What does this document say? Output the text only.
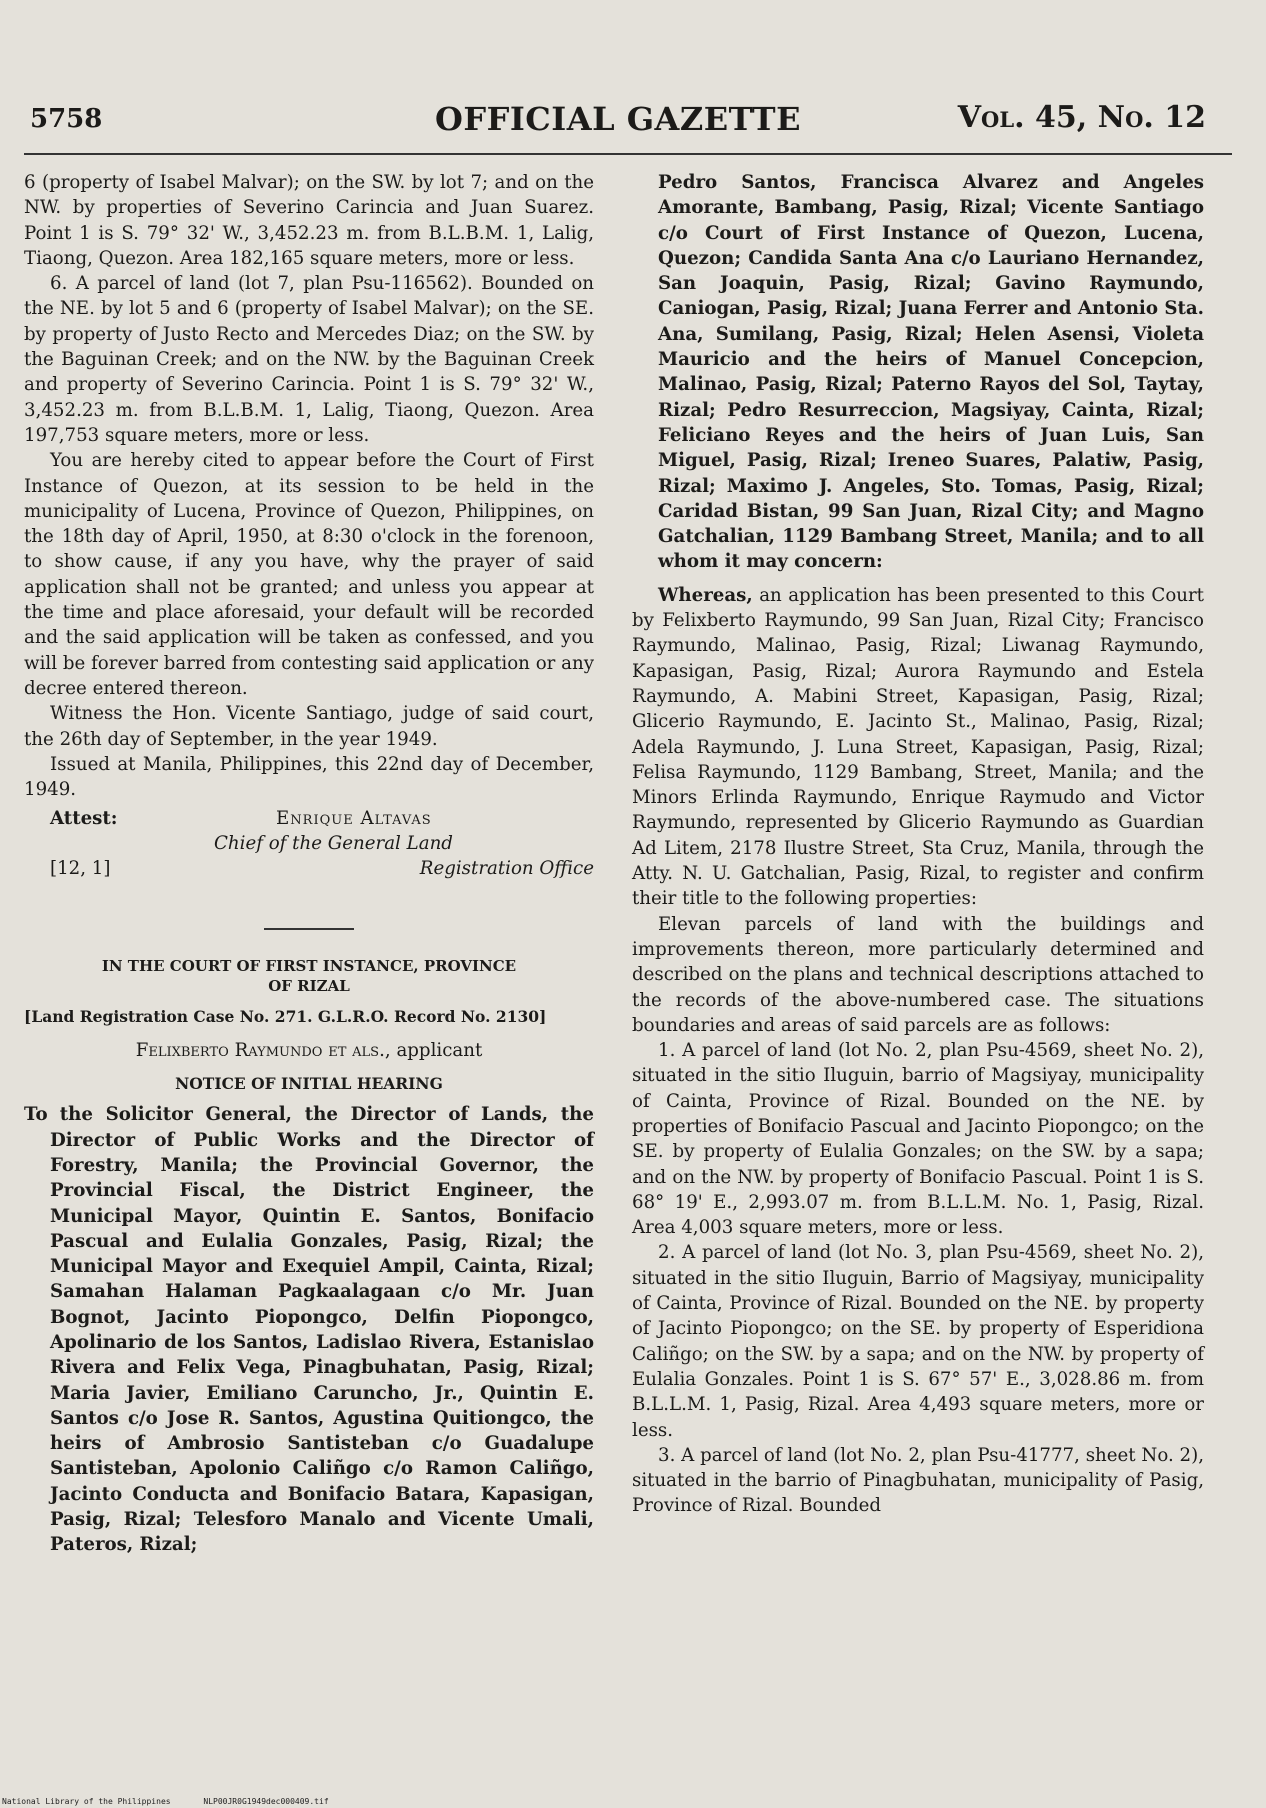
5758	OFFICIAL GAZETTE	Vol. 45, No. 12

6 (property of Isabel Malvar); on the SW. by lot 7; and on the NW. by properties of Severino Carincia and Juan Suarez. Point 1 is S. 79° 32' W., 3,452.23 m. from B.L.B.M. 1, Lalig, Tiaong, Quezon. Area 182,165 square meters, more or less.

6. A parcel of land (lot 7, plan Psu-116562). Bounded on the NE. by lot 5 and 6 (property of Isabel Malvar); on the SE. by property of Justo Recto and Mercedes Diaz; on the SW. by the Baguinan Creek; and on the NW. by the Baguinan Creek and property of Severino Carincia. Point 1 is S. 79° 32' W., 3,452.23 m. from B.L.B.M. 1, Lalig, Tiaong, Quezon. Area 197,753 square meters, more or less.

You are hereby cited to appear before the Court of First Instance of Quezon, at its session to be held in the municipality of Lucena, Province of Quezon, Philippines, on the 18th day of April, 1950, at 8:30 o'clock in the forenoon, to show cause, if any you have, why the prayer of said application shall not be granted; and unless you appear at the time and place aforesaid, your default will be recorded and the said application will be taken as confessed, and you will be forever barred from contesting said application or any decree entered thereon.

Witness the Hon. Vicente Santiago, judge of said court, the 26th day of September, in the year 1949.

Issued at Manila, Philippines, this 22nd day of December, 1949.

Attest:	Enrique Altavas
Chief of the General Land
[12, 1]	Registration Office
IN THE COURT OF FIRST INSTANCE, PROVINCE
OF RIZAL
[Land Registration Case No. 271. G.L.R.O. Record No. 2130]
Felixberto Raymundo et als., applicant
NOTICE OF INITIAL HEARING

To the Solicitor General, the Director of Lands, the Director of Public Works and the Director of Forestry, Manila; the Provincial Governor, the Provincial Fiscal, the District Engineer, the Municipal Mayor, Quintin E. Santos, Bonifacio Pascual and Eulalia Gonzales, Pasig, Rizal; the Municipal Mayor and Exequiel Ampil, Cainta, Rizal; Samahan Halaman Pagkaalagaan c/o Mr. Juan Bognot, Jacinto Piopongco, Delfin Piopongco, Apolinario de los Santos, Ladislao Rivera, Estanislao Rivera and Felix Vega, Pinagbuhatan, Pasig, Rizal; Maria Javier, Emiliano Caruncho, Jr., Quintin E. Santos c/o Jose R. Santos, Agustina Quitiongco, the heirs of Ambrosio Santisteban c/o Guadalupe Santisteban, Apolonio Caliñgo c/o Ramon Caliñgo, Jacinto Conducta and Bonifacio Batara, Kapasigan, Pasig, Rizal; Telesforo Manalo and Vicente Umali, Pateros, Rizal;

Pedro Santos, Francisca Alvarez and Angeles Amorante, Bambang, Pasig, Rizal; Vicente Santiago c/o Court of First Instance of Quezon, Lucena, Quezon; Candida Santa Ana c/o Lauriano Hernandez, San Joaquin, Pasig, Rizal; Gavino Raymundo, Caniogan, Pasig, Rizal; Juana Ferrer and Antonio Sta. Ana, Sumilang, Pasig, Rizal; Helen Asensi, Violeta Mauricio and the heirs of Manuel Concepcion, Malinao, Pasig, Rizal; Paterno Rayos del Sol, Taytay, Rizal; Pedro Resurreccion, Magsiyay, Cainta, Rizal; Feliciano Reyes and the heirs of Juan Luis, San Miguel, Pasig, Rizal; Ireneo Suares, Palatiw, Pasig, Rizal; Maximo J. Angeles, Sto. Tomas, Pasig, Rizal; Caridad Bistan, 99 San Juan, Rizal City; and Magno Gatchalian, 1129 Bambang Street, Manila; and to all whom it may concern:

Whereas, an application has been presented to this Court by Felixberto Raymundo, 99 San Juan, Rizal City; Francisco Raymundo, Malinao, Pasig, Rizal; Liwanag Raymundo, Kapasigan, Pasig, Rizal; Aurora Raymundo and Estela Raymundo, A. Mabini Street, Kapasigan, Pasig, Rizal; Glicerio Raymundo, E. Jacinto St., Malinao, Pasig, Rizal; Adela Raymundo, J. Luna Street, Kapasigan, Pasig, Rizal; Felisa Raymundo, 1129 Bambang, Street, Manila; and the Minors Erlinda Raymundo, Enrique Raymudo and Victor Raymundo, represented by Glicerio Raymundo as Guardian Ad Litem, 2178 Ilustre Street, Sta Cruz, Manila, through the Atty. N. U. Gatchalian, Pasig, Rizal, to register and confirm their title to the following properties:

Elevan parcels of land with the buildings and improvements thereon, more particularly determined and described on the plans and technical descriptions attached to the records of the above-numbered case. The situations boundaries and areas of said parcels are as follows:

1. A parcel of land (lot No. 2, plan Psu-4569, sheet No. 2), situated in the sitio Iluguin, barrio of Magsiyay, municipality of Cainta, Province of Rizal. Bounded on the NE. by properties of Bonifacio Pascual and Jacinto Piopongco; on the SE. by property of Eulalia Gonzales; on the SW. by a sapa; and on the NW. by property of Bonifacio Pascual. Point 1 is S. 68° 19' E., 2,993.07 m. from B.L.L.M. No. 1, Pasig, Rizal. Area 4,003 square meters, more or less.

2. A parcel of land (lot No. 3, plan Psu-4569, sheet No. 2), situated in the sitio Iluguin, Barrio of Magsiyay, municipality of Cainta, Province of Rizal. Bounded on the NE. by property of Jacinto Piopongco; on the SE. by property of Esperidiona Caliñgo; on the SW. by a sapa; and on the NW. by property of Eulalia Gonzales. Point 1 is S. 67° 57' E., 3,028.86 m. from B.L.L.M. 1, Pasig, Rizal. Area 4,493 square meters, more or less.

3. A parcel of land (lot No. 2, plan Psu-41777, sheet No. 2), situated in the barrio of Pinagbuhatan, municipality of Pasig, Province of Rizal. Bounded

National Library of the Philippines	NLP00JR0G1949dec000409.tif
